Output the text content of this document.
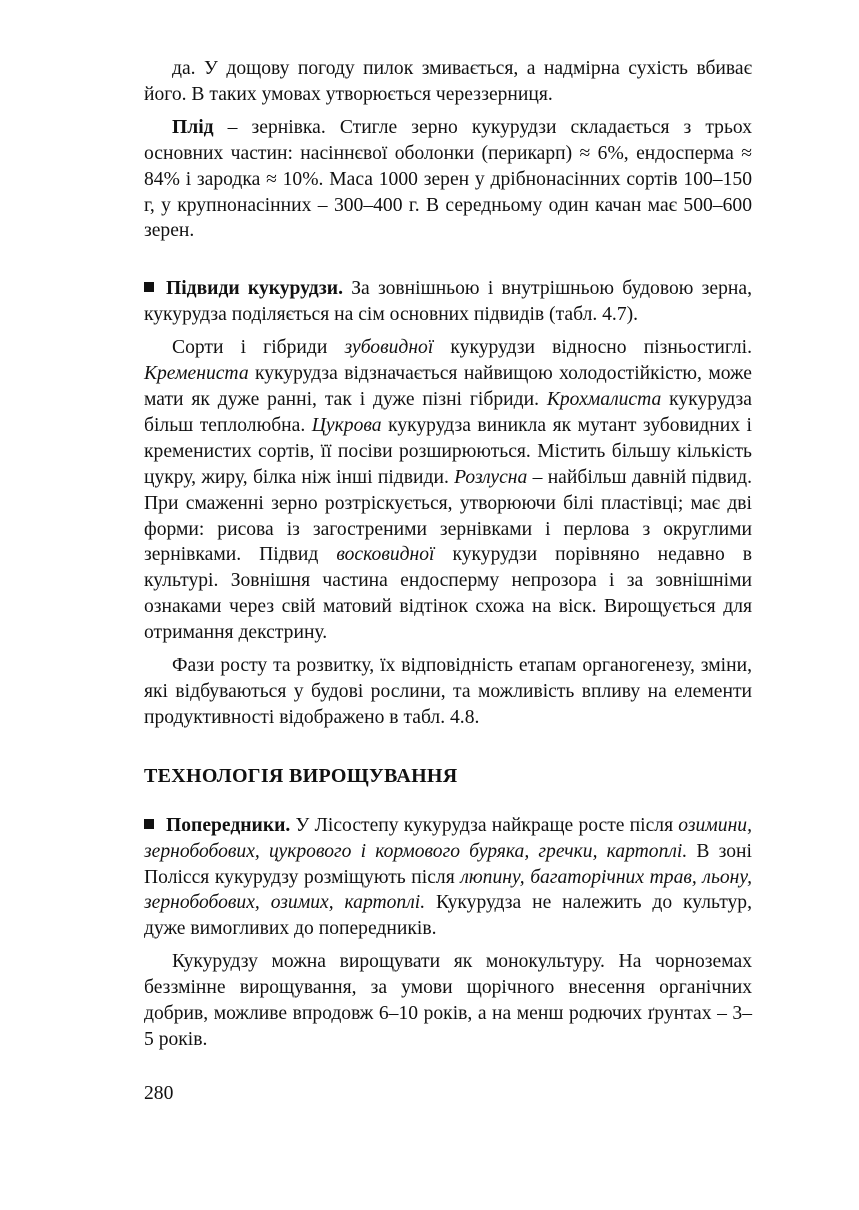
да. У дощову погоду пилок змивається, а надмірна сухість вбиває його. В таких умовах утворюється череззерниця.

Плід – зернівка. Стигле зерно кукурудзи складається з трьох основних частин: насіннєвої оболонки (перикарп) ≈ 6%, ендосперма ≈ 84% і зародка ≈ 10%. Маса 1000 зерен у дрібнонасінних сортів 100–150 г, у крупнонасінних – 300–400 г. В середньому один качан має 500–600 зерен.

Підвиди кукурудзи. За зовнішньою і внутрішньою будовою зерна, кукурудза поділяється на сім основних підвидів (табл. 4.7).

Сорти і гібриди зубовидної кукурудзи відносно пізньостиглі. Кремениста кукурудза відзначається найвищою холодостійкістю, може мати як дуже ранні, так і дуже пізні гібриди. Крохмалиста кукурудза більш теплолюбна. Цукрова кукурудза виникла як мутант зубовидних і кременистих сортів, її посіви розширюються. Містить більшу кількість цукру, жиру, білка ніж інші підвиди. Розлусна – найбільш давній підвид. При смаженні зерно розтріскується, утворюючи білі пластівці; має дві форми: рисова із загостреними зернівками і перлова з округлими зернівками. Підвид восковидної кукурудзи порівняно недавно в культурі. Зовнішня частина ендосперму непрозора і за зовнішніми ознаками через свій матовий відтінок схожа на віск. Вирощується для отримання декстрину.

Фази росту та розвитку, їх відповідність етапам органогенезу, зміни, які відбуваються у будові рослини, та можливість впливу на елементи продуктивності відображено в табл. 4.8.

ТЕХНОЛОГІЯ ВИРОЩУВАННЯ

Попередники. У Лісостепу кукурудза найкраще росте після озимини, зернобобових, цукрового і кормового буряка, гречки, картоплі. В зоні Полісся кукурудзу розміщують після люпину, багаторічних трав, льону, зернобобових, озимих, картоплі. Кукурудза не належить до культур, дуже вимогливих до попередників.

Кукурудзу можна вирощувати як монокультуру. На чорноземах беззмінне вирощування, за умови щорічного внесення органічних добрив, можливе впродовж 6–10 років, а на менш родючих ґрунтах – 3–5 років.

280
